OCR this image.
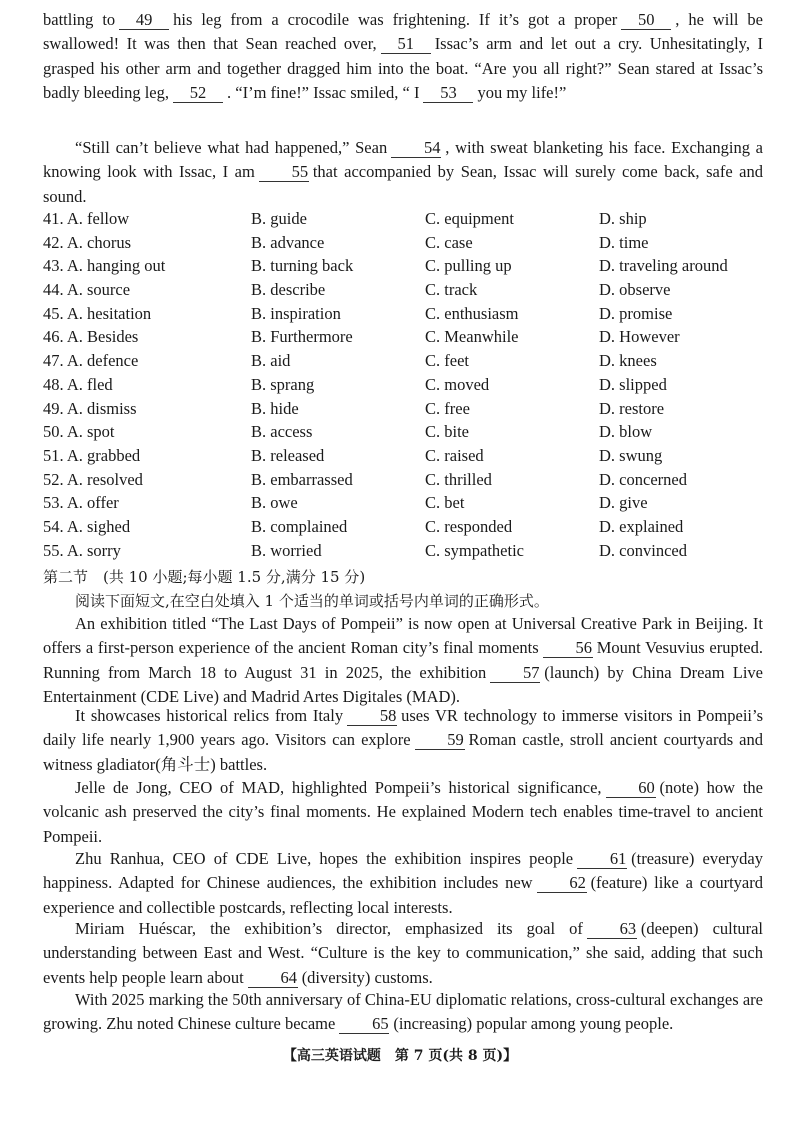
battling to 49 his leg from a crocodile was frightening. If it’s got a proper 50 , he will be swallowed! It was then that Sean reached over, 51 Issac’s arm and let out a cry. Unhesitatingly, I grasped his other arm and together dragged him into the boat. “Are you all right?” Sean stared at Issac’s badly bleeding leg, 52 . “I’m fine!” Issac smiled, “ I 53 you my life!”

“Still can’t believe what had happened,” Sean 54 , with sweat blanketing his face. Exchanging a knowing look with Issac, I am 55 that accompanied by Sean, Issac will surely come back, safe and sound.

41. A. fellow	B. guide	C. equipment	D. ship
42. A. chorus	B. advance	C. case	D. time
43. A. hanging out	B. turning back	C. pulling up	D. traveling around
44. A. source	B. describe	C. track	D. observe
45. A. hesitation	B. inspiration	C. enthusiasm	D. promise
46. A. Besides	B. Furthermore	C. Meanwhile	D. However
47. A. defence	B. aid	C. feet	D. knees
48. A. fled	B. sprang	C. moved	D. slipped
49. A. dismiss	B. hide	C. free	D. restore
50. A. spot	B. access	C. bite	D. blow
51. A. grabbed	B. released	C. raised	D. swung
52. A. resolved	B. embarrassed	C. thrilled	D. concerned
53. A. offer	B. owe	C. bet	D. give
54. A. sighed	B. complained	C. responded	D. explained
55. A. sorry	B. worried	C. sympathetic	D. convinced

第二节　(共 10 小题;每小题 1.5 分,满分 15 分)

阅读下面短文,在空白处填入 1 个适当的单词或括号内单词的正确形式。

An exhibition titled “The Last Days of Pompeii” is now open at Universal Creative Park in Beijing. It offers a first-person experience of the ancient Roman city’s final moments 56 Mount Vesuvius erupted. Running from March 18 to August 31 in 2025, the exhibition 57 (launch) by China Dream Live Entertainment (CDE Live) and Madrid Artes Digitales (MAD).

It showcases historical relics from Italy 58 uses VR technology to immerse visitors in Pompeii’s daily life nearly 1,900 years ago. Visitors can explore 59 Roman castle, stroll ancient courtyards and witness gladiator(角斗士) battles.

Jelle de Jong, CEO of MAD, highlighted Pompeii’s historical significance, 60 (note) how the volcanic ash preserved the city’s final moments. He explained Modern tech enables time-travel to ancient Pompeii.

Zhu Ranhua, CEO of CDE Live, hopes the exhibition inspires people 61 (treasure) everyday happiness. Adapted for Chinese audiences, the exhibition includes new 62 (feature) like a courtyard experience and collectible postcards, reflecting local interests.

Miriam Huéscar, the exhibition’s director, emphasized its goal of 63 (deepen) cultural understanding between East and West. “Culture is the key to communication,” she said, adding that such events help people learn about 64 (diversity) customs.

With 2025 marking the 50th anniversary of China-EU diplomatic relations, cross-cultural exchanges are growing. Zhu noted Chinese culture became 65 (increasing) popular among young people.

【高三英语试题　第 7 页(共 8 页)】
